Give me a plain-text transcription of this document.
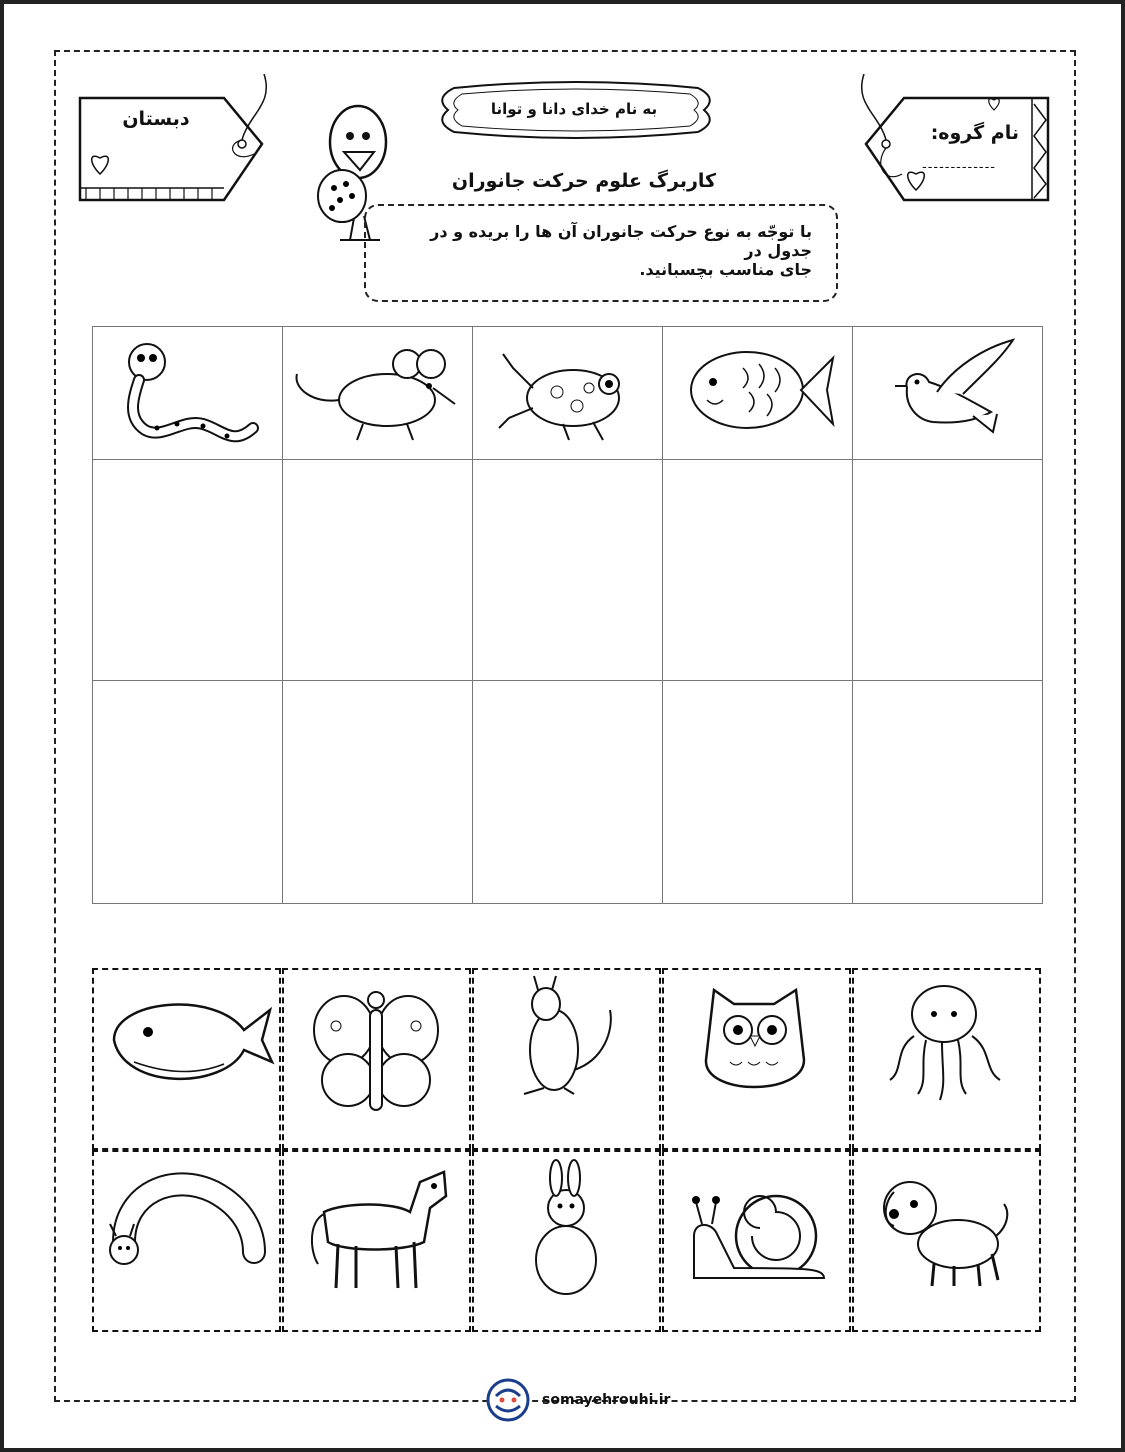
دبستان
نام گروه:
-------------
به نام خدای دانا و توانا
کاربرگ علوم حرکت جانوران

با توجّه به نوع حرکت جانوران آن ها را بریده و در جدول در

جای مناسب بچسبانید.

somayehrouhi.ir
